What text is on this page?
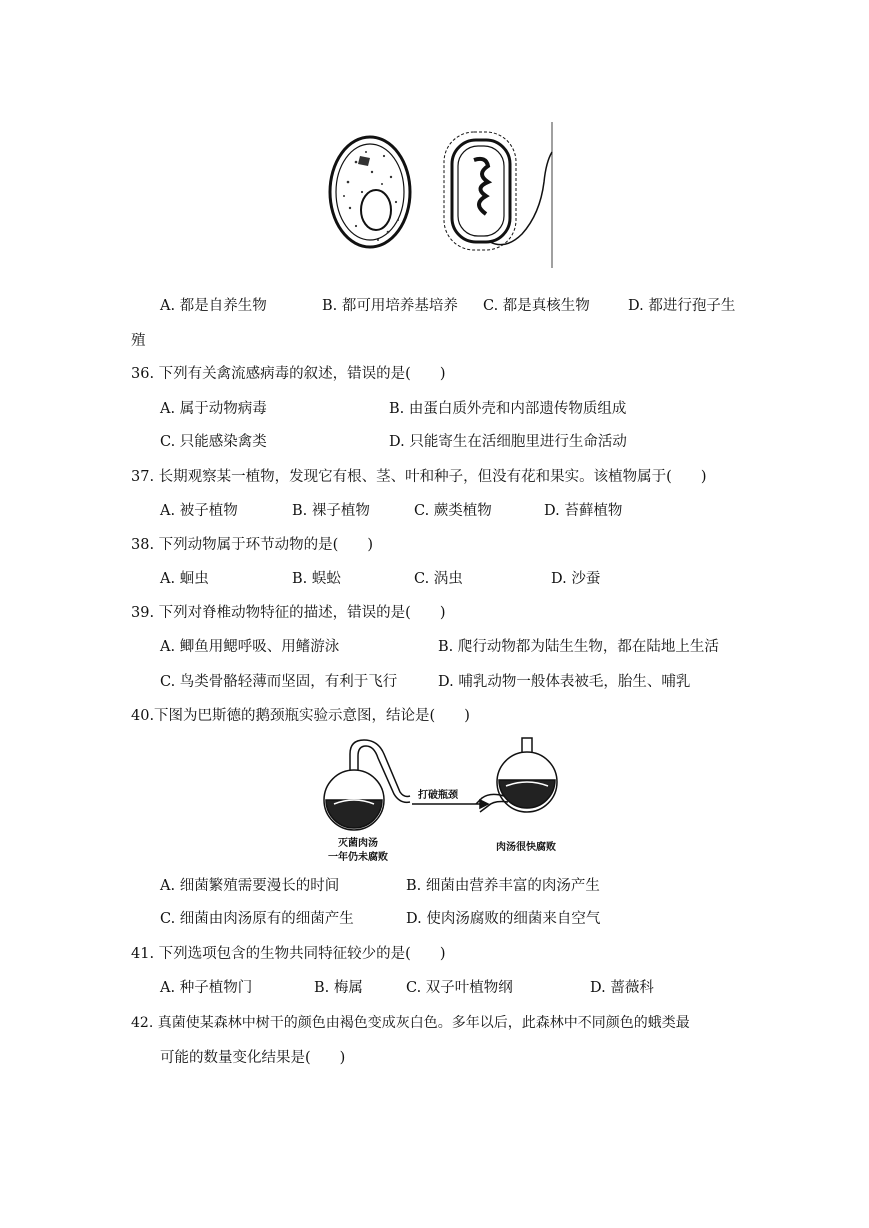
A. 都是自养生物	B. 都可用培养基培养 C. 都是真核生物	D. 都进行孢子生
殖
36. 下列有关禽流感病毒的叙述，错误的是(　　)
A. 属于动物病毒	B. 由蛋白质外壳和内部遗传物质组成
C. 只能感染禽类	D. 只能寄生在活细胞里进行生命活动
37. 长期观察某一植物，发现它有根、茎、叶和种子，但没有花和果实。该植物属于(　　)
A. 被子植物	B. 裸子植物	C. 蕨类植物	D. 苔藓植物
38. 下列动物属于环节动物的是(　　)
A. 蛔虫	B. 蜈蚣	C. 涡虫	D. 沙蚕
39. 下列对脊椎动物特征的描述，错误的是(　　)
A. 鲫鱼用鳃呼吸、用鳍游泳	B. 爬行动物都为陆生生物，都在陆地上生活
C. 鸟类骨骼轻薄而坚固，有利于飞行	D. 哺乳动物一般体表被毛，胎生、哺乳
40.下图为巴斯德的鹅颈瓶实验示意图，结论是(　　)
灭菌肉汤
一年仍未腐败
打破瓶颈
肉汤很快腐败
A. 细菌繁殖需要漫长的时间	B. 细菌由营养丰富的肉汤产生
C. 细菌由肉汤原有的细菌产生	D. 使肉汤腐败的细菌来自空气
41. 下列选项包含的生物共同特征较少的是(　　)
A. 种子植物门	B. 梅属	C. 双子叶植物纲	D. 蔷薇科
42. 真菌使某森林中树干的颜色由褐色变成灰白色。多年以后，此森林中不同颜色的蛾类最
可能的数量变化结果是(　　)
